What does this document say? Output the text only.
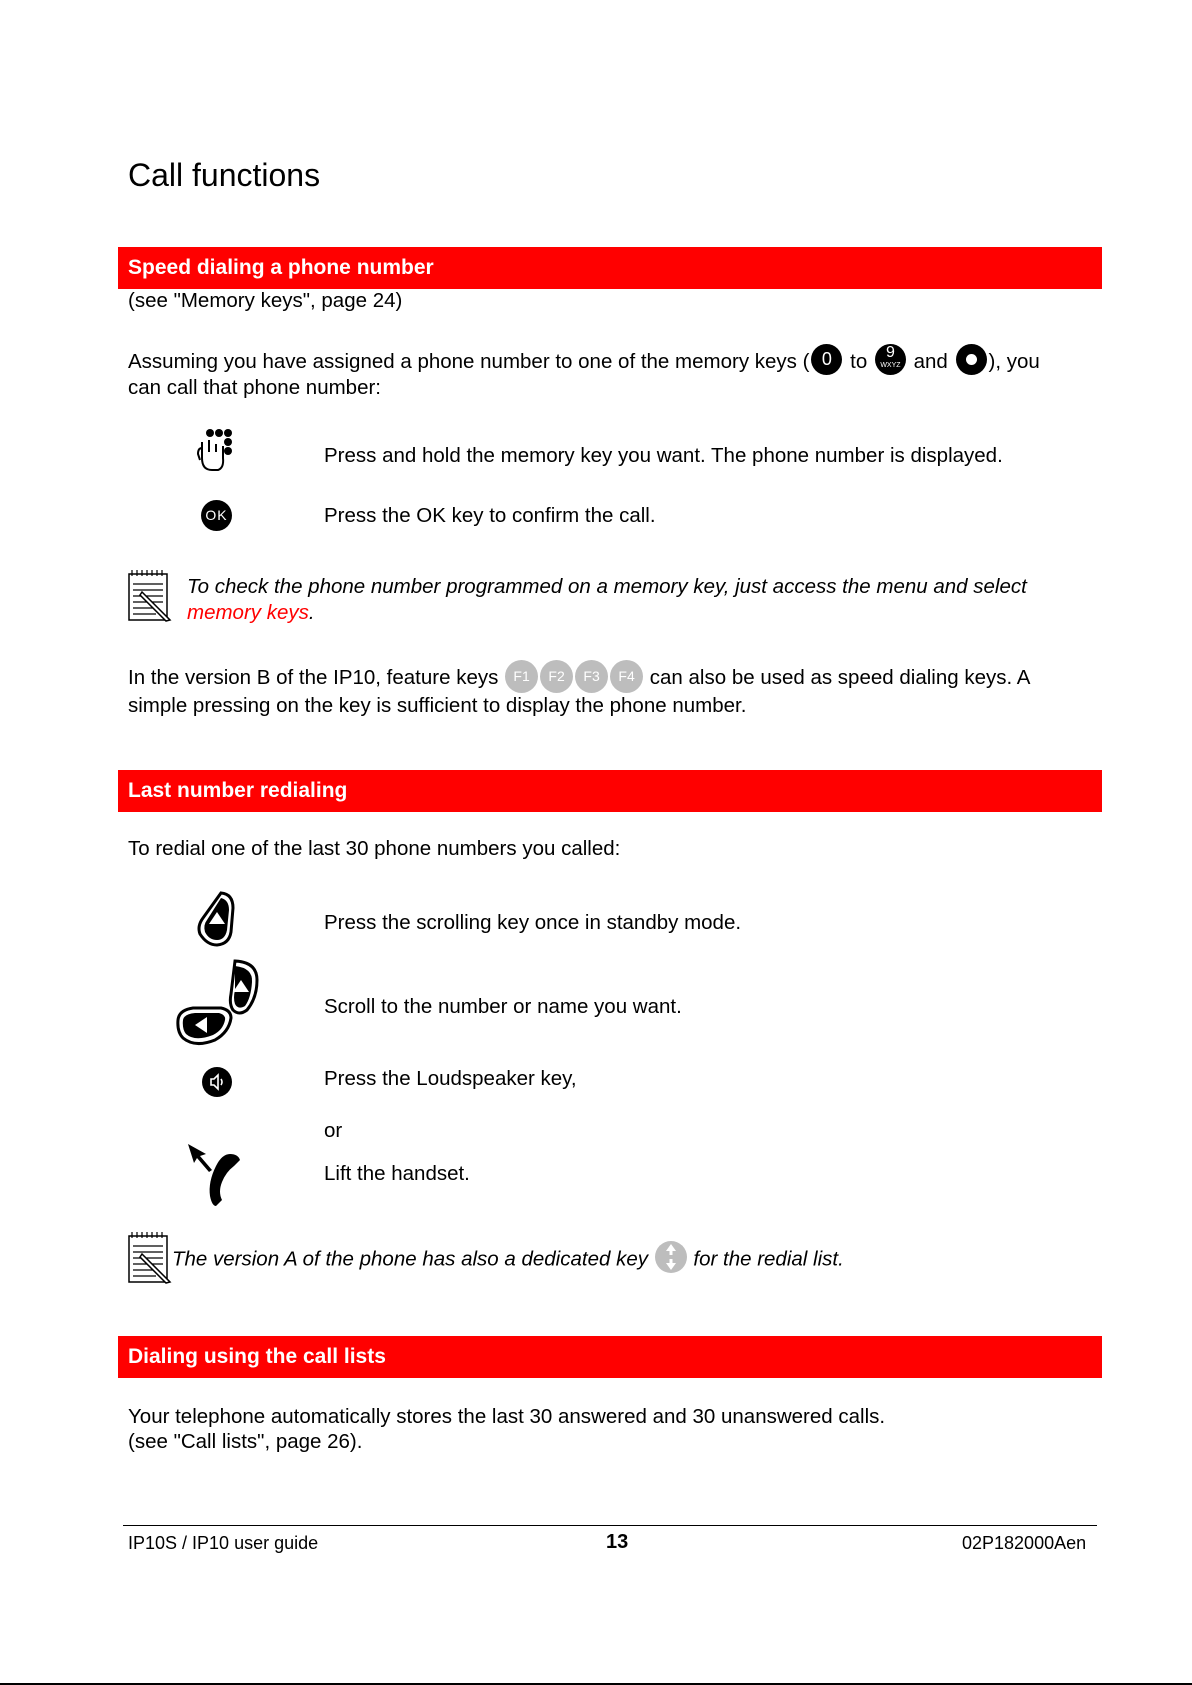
Call functions
Speed dialing a phone number
(see "Memory keys", page 24)
Assuming you have assigned a phone number to one of the memory keys ( 0 to 9
WXYZ and
), you
can call that phone number:
Press and hold the memory key you want. The phone number is displayed.
OK	Press the OK key to confirm the call.
To check the phone number programmed on a memory key, just access the menu and select
memory keys.
In the version B of the IP10, feature keys F1 F2 F3 F4 can also be used as speed dialing keys. A
simple pressing on the key is sufficient to display the phone number.
Last number redialing
To redial one of the last 30 phone numbers you called:
Press the scrolling key once in standby mode.
Scroll to the number or name you want.
Press the Loudspeaker key,
or
Lift the handset.
The version A of the phone has also a dedicated key for the redial list.
Dialing using the call lists
Your telephone automatically stores the last 30 answered and 30 unanswered calls.
(see "Call lists", page 26).
IP10S / IP10 user guide	13	02P182000Aen
